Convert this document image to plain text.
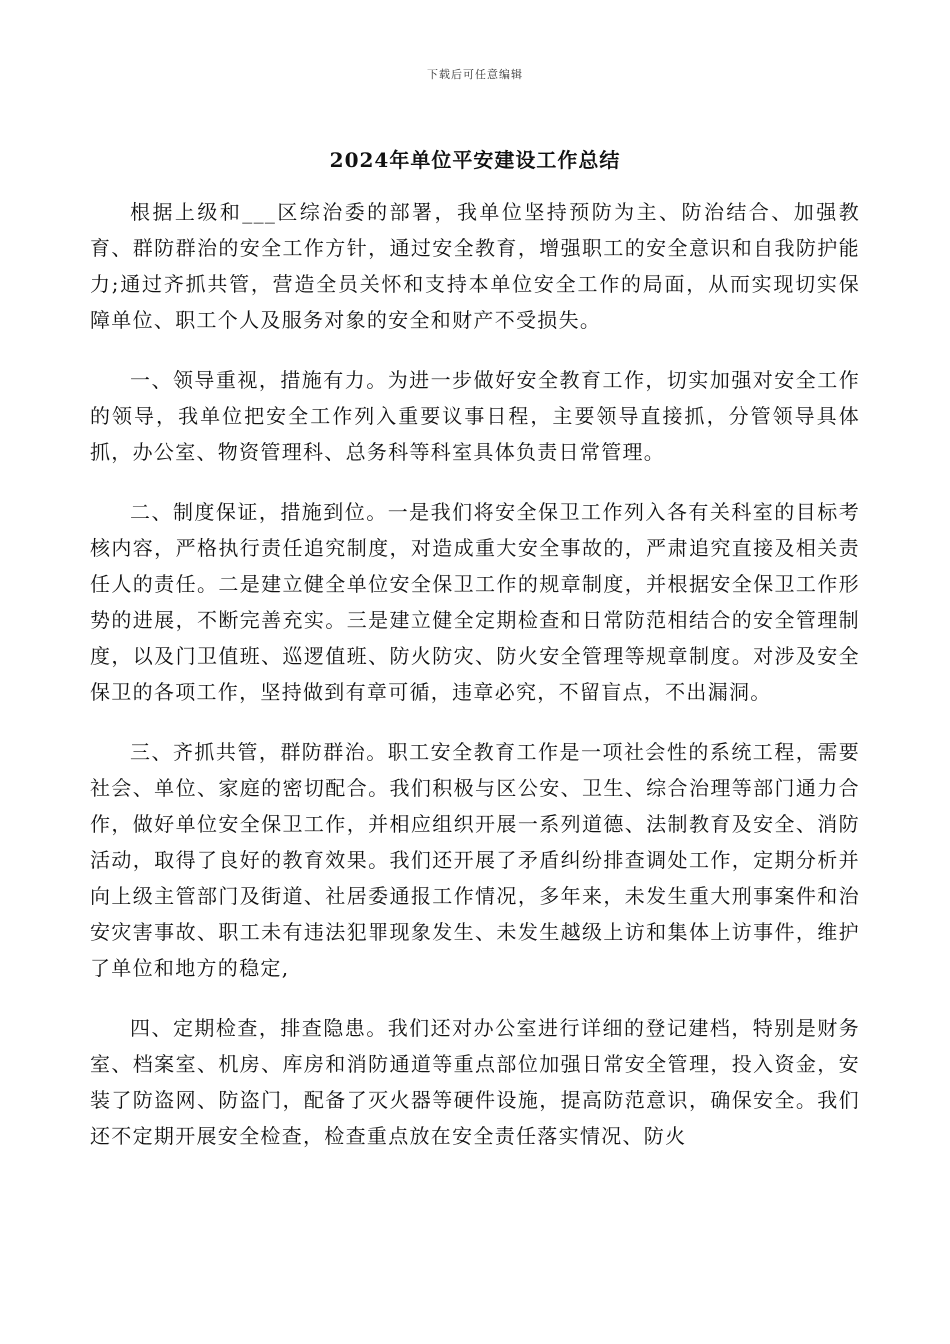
下载后可任意编辑
2024年单位平安建设工作总结

根据上级和___区综治委的部署，我单位坚持预防为主、防治结合、加强教育、群防群治的安全工作方针，通过安全教育，增强职工的安全意识和自我防护能力;通过齐抓共管，营造全员关怀和支持本单位安全工作的局面，从而实现切实保障单位、职工个人及服务对象的安全和财产不受损失。

一、领导重视，措施有力。为进一步做好安全教育工作，切实加强对安全工作的领导，我单位把安全工作列入重要议事日程，主要领导直接抓，分管领导具体抓，办公室、物资管理科、总务科等科室具体负责日常管理。

二、制度保证，措施到位。一是我们将安全保卫工作列入各有关科室的目标考核内容，严格执行责任追究制度，对造成重大安全事故的，严肃追究直接及相关责任人的责任。二是建立健全单位安全保卫工作的规章制度，并根据安全保卫工作形势的进展，不断完善充实。三是建立健全定期检查和日常防范相结合的安全管理制度，以及门卫值班、巡逻值班、防火防灾、防火安全管理等规章制度。对涉及安全保卫的各项工作，坚持做到有章可循，违章必究，不留盲点，不出漏洞。

三、齐抓共管，群防群治。职工安全教育工作是一项社会性的系统工程，需要社会、单位、家庭的密切配合。我们积极与区公安、卫生、综合治理等部门通力合作，做好单位安全保卫工作，并相应组织开展一系列道德、法制教育及安全、消防活动，取得了良好的教育效果。我们还开展了矛盾纠纷排查调处工作，定期分析并向上级主管部门及街道、社居委通报工作情况，多年来，未发生重大刑事案件和治安灾害事故、职工未有违法犯罪现象发生、未发生越级上访和集体上访事件，维护了单位和地方的稳定,

四、定期检查，排查隐患。我们还对办公室进行详细的登记建档，特别是财务室、档案室、机房、库房和消防通道等重点部位加强日常安全管理，投入资金，安装了防盗网、防盗门，配备了灭火器等硬件设施，提高防范意识，确保安全。我们还不定期开展安全检查，检查重点放在安全责任落实情况、防火
